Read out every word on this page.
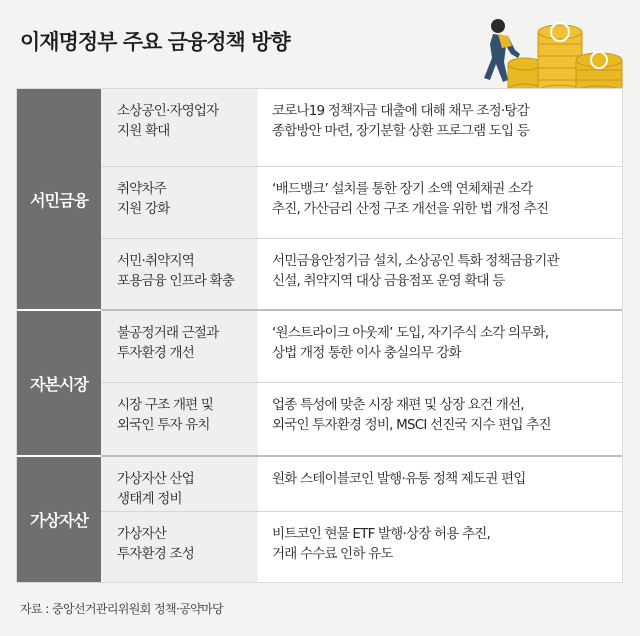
이재명정부 주요 금융정책 방향
서민금융
소상공인·자영업자
지원 확대
코로나19 정책자금 대출에 대해 채무 조정·탕감
종합방안 마련, 장기분할 상환 프로그램 도입 등
취약차주
지원 강화
‘배드뱅크’ 설치를 통한 장기 소액 연체채권 소각
추진, 가산금리 산정 구조 개선을 위한 법 개정 추진
서민·취약지역
포용금융 인프라 확충
서민금융안정기금 설치, 소상공인 특화 정책금융기관
신설, 취약지역 대상 금융점포 운영 확대 등
자본시장
불공정거래 근절과
투자환경 개선
‘원스트라이크 아웃제’ 도입, 자기주식 소각 의무화,
상법 개정 통한 이사 충실의무 강화
시장 구조 개편 및
외국인 투자 유치
업종 특성에 맞춘 시장 재편 및 상장 요건 개선,
외국인 투자환경 정비, MSCI 선진국 지수 편입 추진
가상자산
가상자산 산업
생태계 정비
원화 스테이블코인 발행·유통 정책 제도권 편입
가상자산
투자환경 조성
비트코인 현물 ETF 발행·상장 허용 추진,
거래 수수료 인하 유도
자료 : 중앙선거관리위원회 정책·공약마당
